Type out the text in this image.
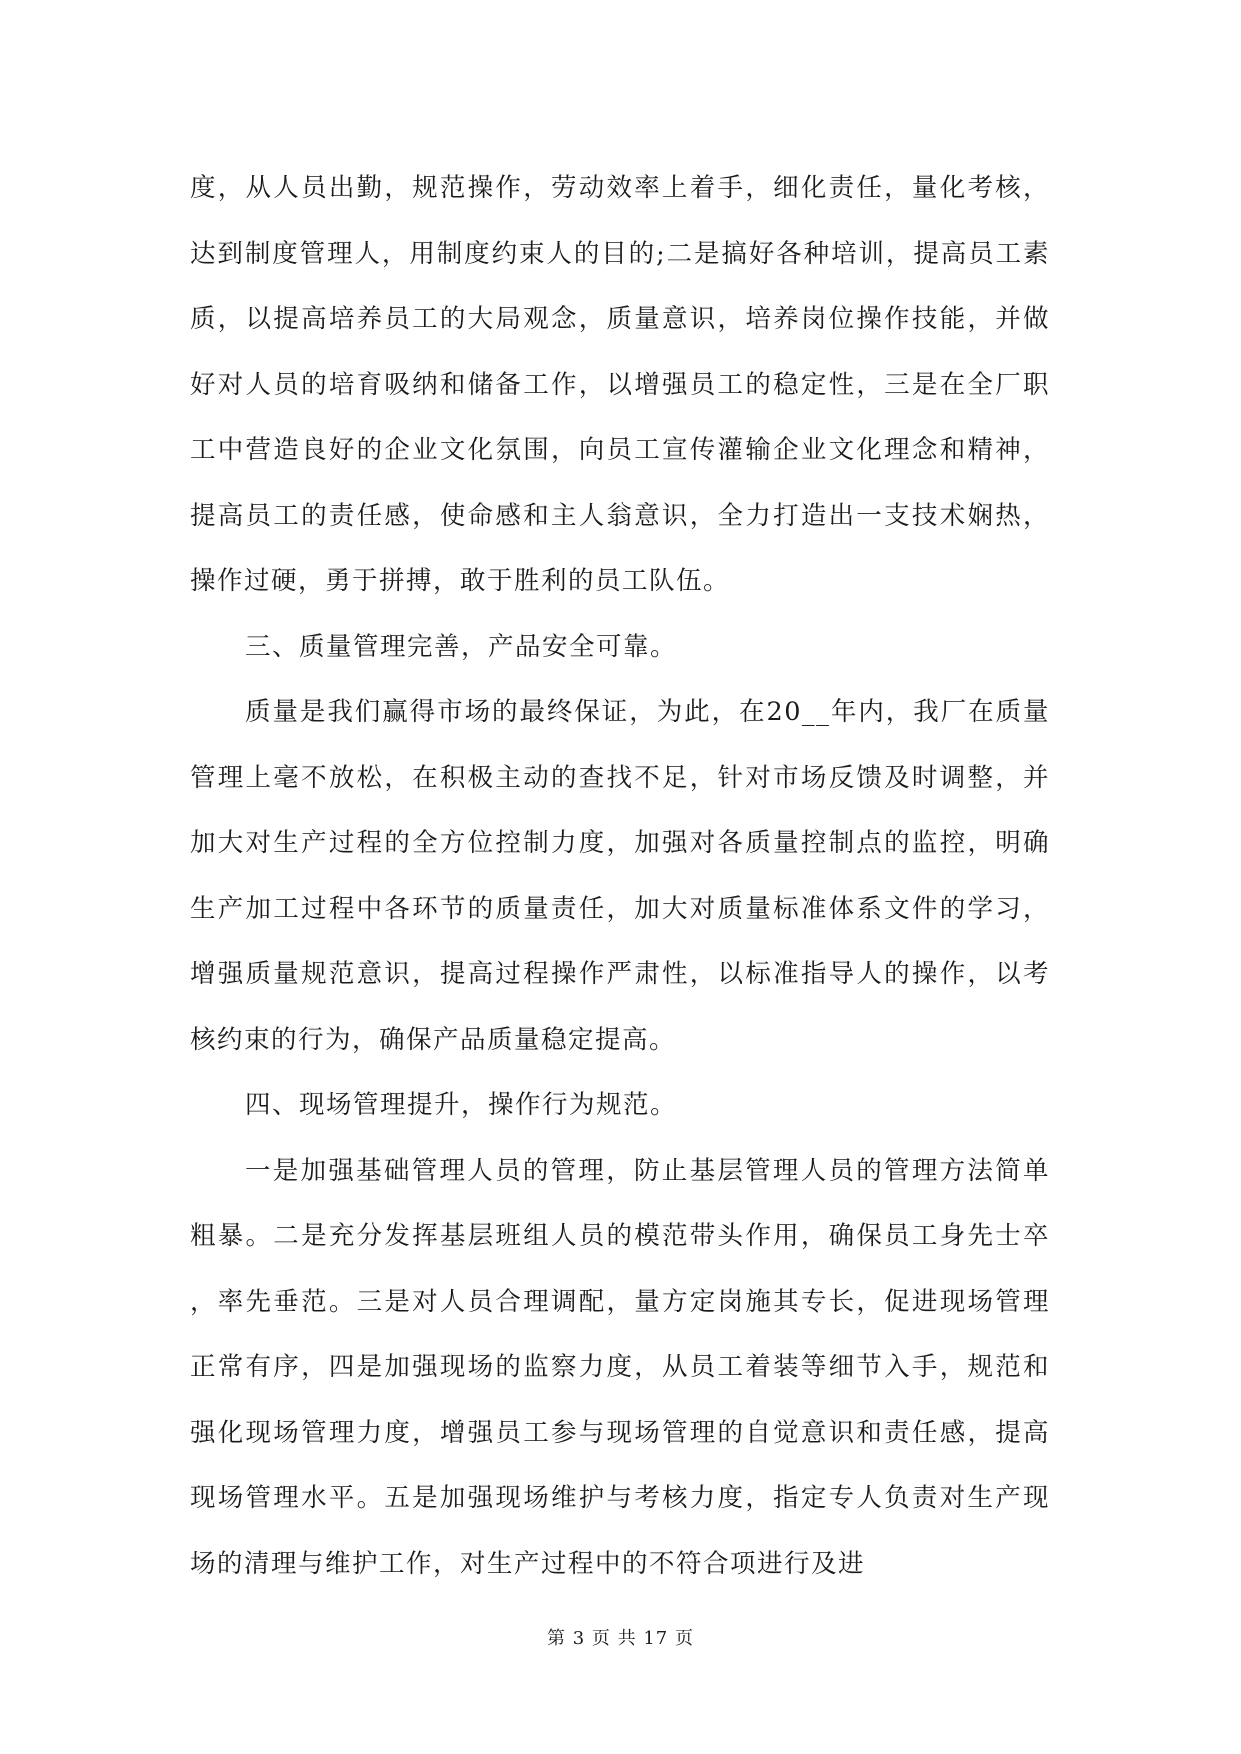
度，从人员出勤，规范操作，劳动效率上着手，细化责任，量化考核，达到制度管理人，用制度约束人的目的;二是搞好各种培训，提高员工素质，以提高培养员工的大局观念，质量意识，培养岗位操作技能，并做好对人员的培育吸纳和储备工作，以增强员工的稳定性，三是在全厂职工中营造良好的企业文化氛围，向员工宣传灌输企业文化理念和精神，提高员工的责任感，使命感和主人翁意识，全力打造出一支技术娴热，操作过硬，勇于拼搏，敢于胜利的员工队伍。

三、质量管理完善，产品安全可靠。

质量是我们赢得市场的最终保证，为此，在20__年内，我厂在质量管理上毫不放松，在积极主动的查找不足，针对市场反馈及时调整，并加大对生产过程的全方位控制力度，加强对各质量控制点的监控，明确生产加工过程中各环节的质量责任，加大对质量标准体系文件的学习，增强质量规范意识，提高过程操作严肃性，以标准指导人的操作，以考核约束的行为，确保产品质量稳定提高。

四、现场管理提升，操作行为规范。

一是加强基础管理人员的管理，防止基层管理人员的管理方法简单粗暴。二是充分发挥基层班组人员的模范带头作用，确保员工身先士卒，率先垂范。三是对人员合理调配，量方定岗施其专长，促进现场管理正常有序，四是加强现场的监察力度，从员工着装等细节入手，规范和强化现场管理力度，增强员工参与现场管理的自觉意识和责任感，提高现场管理水平。五是加强现场维护与考核力度，指定专人负责对生产现场的清理与维护工作，对生产过程中的不符合项进行及进

第 3 页 共 17 页
